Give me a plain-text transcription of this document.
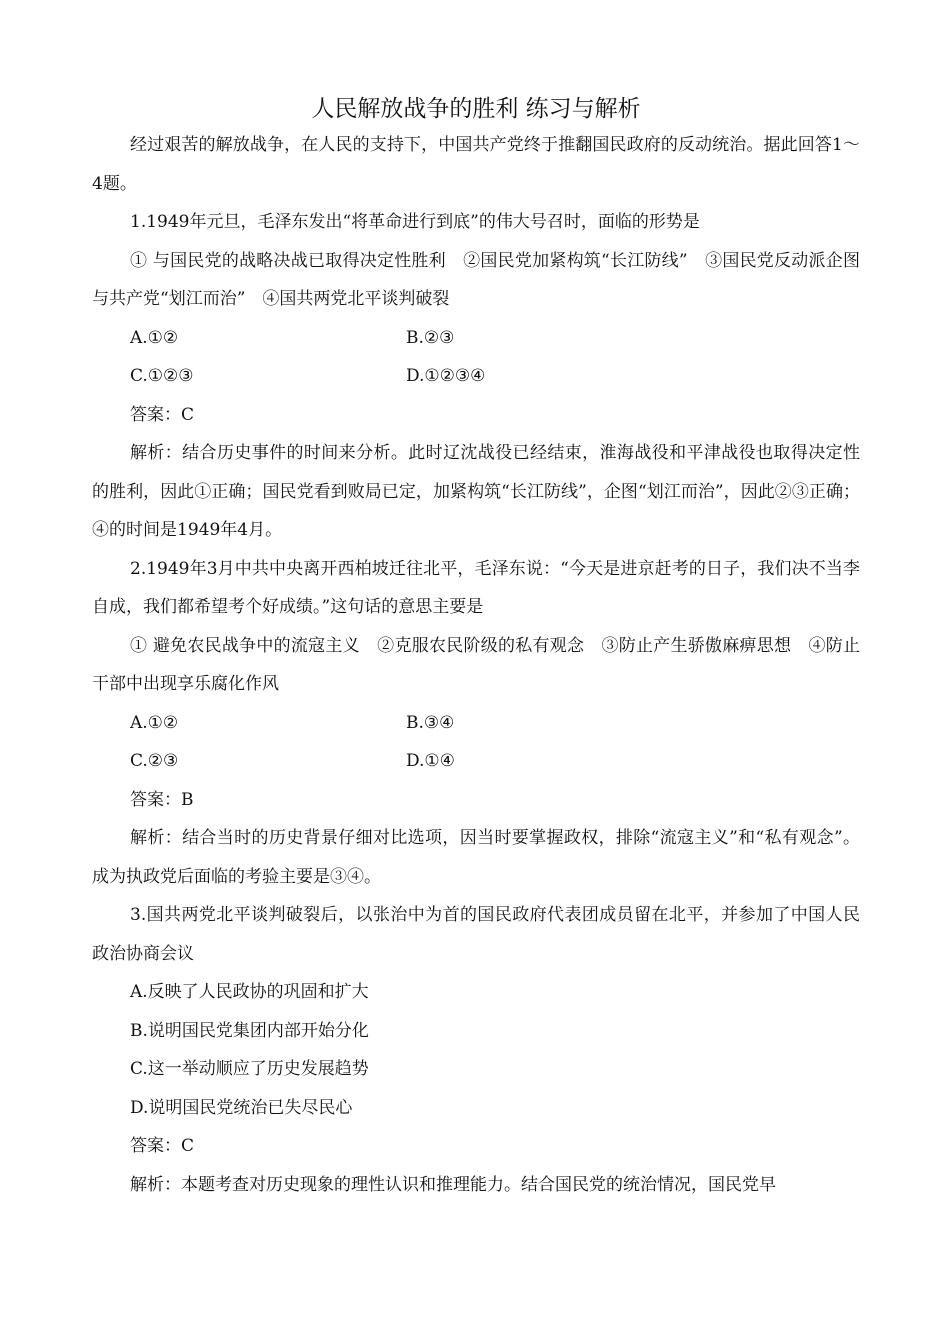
人民解放战争的胜利 练习与解析

经过艰苦的解放战争，在人民的支持下，中国共产党终于推翻国民政府的反动统治。据此回答1～4题。

1.1949年元旦，毛泽东发出“将革命进行到底”的伟大号召时，面临的形势是

① 与国民党的战略决战已取得决定性胜利　②国民党加紧构筑“长江防线”　③国民党反动派企图与共产党“划江而治”　④国共两党北平谈判破裂

A.①②	B.②③
C.①②③	D.①②③④

答案：C

解析：结合历史事件的时间来分析。此时辽沈战役已经结束，淮海战役和平津战役也取得决定性的胜利，因此①正确；国民党看到败局已定，加紧构筑“长江防线”，企图“划江而治”，因此②③正确；④的时间是1949年4月。

2.1949年3月中共中央离开西柏坡迁往北平，毛泽东说：“今天是进京赶考的日子，我们决不当李自成，我们都希望考个好成绩。”这句话的意思主要是

① 避免农民战争中的流寇主义　②克服农民阶级的私有观念　③防止产生骄傲麻痹思想　④防止干部中出现享乐腐化作风

A.①②	B.③④
C.②③	D.①④

答案：B

解析：结合当时的历史背景仔细对比选项，因当时要掌握政权，排除“流寇主义”和“私有观念”。成为执政党后面临的考验主要是③④。

3.国共两党北平谈判破裂后，以张治中为首的国民政府代表团成员留在北平，并参加了中国人民政治协商会议

A.反映了人民政协的巩固和扩大

B.说明国民党集团内部开始分化

C.这一举动顺应了历史发展趋势

D.说明国民党统治已失尽民心

答案：C

解析：本题考查对历史现象的理性认识和推理能力。结合国民党的统治情况，国民党早
